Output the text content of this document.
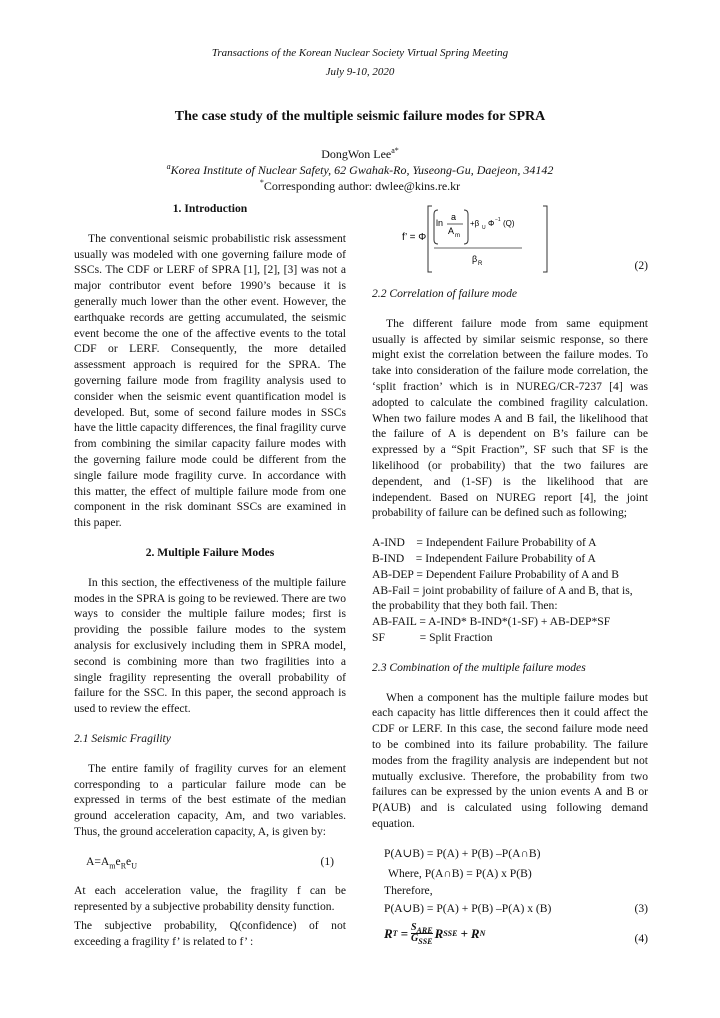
Transactions of the Korean Nuclear Society Virtual Spring Meeting
July 9-10, 2020
The case study of the multiple seismic failure modes for SPRA
DongWon Lee$^{a*}$
$^a$Korea Institute of Nuclear Safety, 62 Gwahak-Ro, Yuseong-Gu, Daejeon, 34142
*Corresponding author: dwlee@kins.re.kr

1. Introduction

The conventional seismic probabilistic risk assessment usually was modeled with one governing failure mode of SSCs. The CDF or LERF of SPRA [1], [2], [3] was not a major contributor event before 1990’s because it is generally much lower than the other event. However, the earthquake records are getting accumulated, the seismic event become the one of the affective events to the total CDF or LERF. Consequently, the more detailed assessment approach is required for the SPRA. The governing failure mode from fragility analysis used to consider when the seismic event quantification model is developed. But, some of second failure modes in SSCs have the little capacity differences, the final fragility curve from combining the similar capacity failure modes with the governing failure mode could be different from the single failure mode fragility curve. In accordance with this matter, the effect of multiple failure mode from one component in the risk dominant SSCs are examined in this paper.

2. Multiple Failure Modes

In this section, the effectiveness of the multiple failure modes in the SPRA is going to be reviewed. There are two ways to consider the multiple failure modes; first is providing the possible failure modes to the system analysis for exclusively including them in SPRA model, second is combining more than two fragilities into a single fragility representing the overall probability of failure for the SSC. In this paper, the second approach is used to review the effect.

2.1 Seismic Fragility

The entire family of fragility curves for an element corresponding to a particular failure mode can be expressed in terms of the best estimate of the median ground acceleration capacity, Am, and two variables. Thus, the ground acceleration capacity, A, is given by:

$A=A_me_Re_U$	(1)

At each acceleration value, the fragility f can be represented by a subjective probability density function.

The subjective probability, Q(confidence) of not exceeding a fragility f’ is related to f’ :

f’ = Φ
ln
a
A m
+β U Φ −1 (Q)
β R	(2)

2.2 Correlation of failure mode

The different failure mode from same equipment usually is affected by similar seismic response, so there might exist the correlation between the failure modes. To take into consideration of the failure mode correlation, the ‘split fraction’ which is in NUREG/CR-7237 [4] was adopted to calculate the combined fragility calculation. When two failure modes A and B fail, the likelihood that the failure of A is dependent on B’s failure can be expressed by a “Spit Fraction”, SF such that SF is the likelihood (or probability) that the two failures are dependent, and (1-SF) is the likelihood that are independent. Based on NUREG report [4], the joint probability of failure can be defined such as following;

A-IND    = Independent Failure Probability of A

B-IND    = Independent Failure Probability of A

AB-DEP = Dependent Failure Probability of A and B

AB-Fail = joint probability of failure of A and B, that is, the probability that they both fail. Then:

AB-FAIL = A-IND* B-IND*(1-SF) + AB-DEP*SF

SF            = Split Fraction

2.3 Combination of the multiple failure modes

When a component has the multiple failure modes but each capacity has little differences then it could affect the CDF or LERF. In this case, the second failure mode need to be combined into its failure probability. The failure modes from the fragility analysis are independent but not mutually exclusive. Therefore, the probability from two failures can be expressed by the union events A and B or P(AUB) and is calculated using following demand equation.

P(A∪B) = P(A) + P(B) –P(A∩B)

Where, P(A∩B) = P(A) x P(B)

Therefore,

P(A∪B) = P(A) + P(B) –P(A) x (B)	(3)
R $T = S_{ARE}$
$G_{SSE}$
R SSE + R N	(4)
